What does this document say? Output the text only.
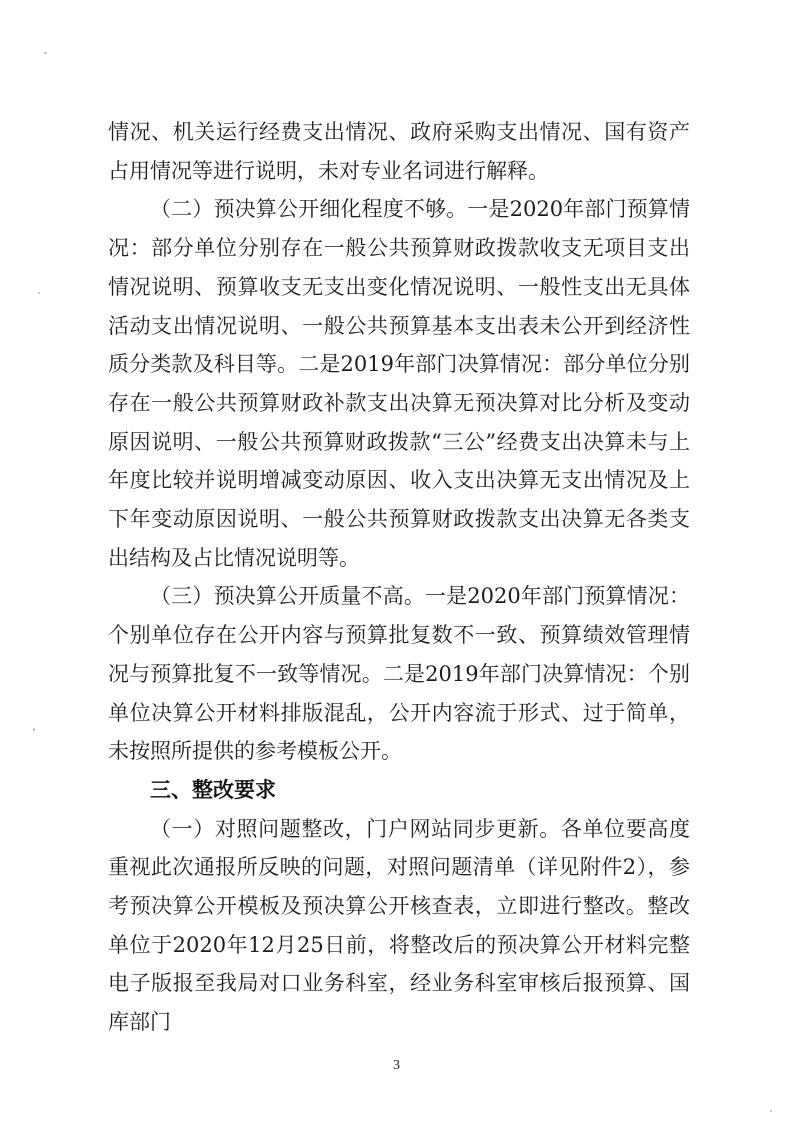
情况、机关运行经费支出情况、政府采购支出情况、国有资产占用情况等进行说明，未对专业名词进行解释。

（二）预决算公开细化程度不够。一是2020年部门预算情况：部分单位分别存在一般公共预算财政拨款收支无项目支出情况说明、预算收支无支出变化情况说明、一般性支出无具体活动支出情况说明、一般公共预算基本支出表未公开到经济性质分类款及科目等。二是2019年部门决算情况：部分单位分别存在一般公共预算财政补款支出决算无预决算对比分析及变动原因说明、一般公共预算财政拨款“三公”经费支出决算未与上年度比较并说明增减变动原因、收入支出决算无支出情况及上下年变动原因说明、一般公共预算财政拨款支出决算无各类支出结构及占比情况说明等。

（三）预决算公开质量不高。一是2020年部门预算情况：个别单位存在公开内容与预算批复数不一致、预算绩效管理情况与预算批复不一致等情况。二是2019年部门决算情况：个别单位决算公开材料排版混乱，公开内容流于形式、过于简单，未按照所提供的参考模板公开。

三、整改要求

（一）对照问题整改，门户网站同步更新。各单位要高度重视此次通报所反映的问题，对照问题清单（详见附件2），参考预决算公开模板及预决算公开核查表，立即进行整改。整改单位于2020年12月25日前，将整改后的预决算公开材料完整电子版报至我局对口业务科室，经业务科室审核后报预算、国库部门

3
